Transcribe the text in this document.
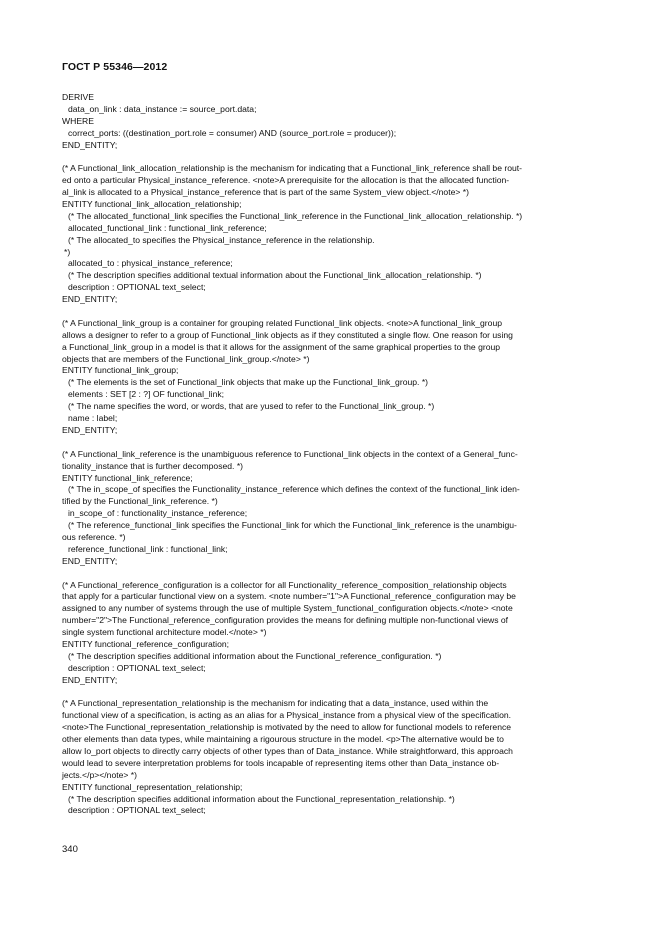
ГОСТ Р 55346—2012
DERIVE
data_on_link : data_instance := source_port.data;
WHERE
correct_ports: ((destination_port.role = consumer) AND (source_port.role = producer));
END_ENTITY;
(* A Functional_link_allocation_relationship is the mechanism for indicating that a Functional_link_reference shall be rout-
ed onto a particular Physical_instance_reference. <note>A prerequisite for the allocation is that the allocated function-
al_link is allocated to a Physical_instance_reference that is part of the same System_view object.</note> *)
ENTITY functional_link_allocation_relationship;
(* The allocated_functional_link specifies the Functional_link_reference in the Functional_link_allocation_relationship. *)
allocated_functional_link : functional_link_reference;
(* The allocated_to specifies the Physical_instance_reference in the relationship.
*)
allocated_to : physical_instance_reference;
(* The description specifies additional textual information about the Functional_link_allocation_relationship. *)
description : OPTIONAL text_select;
END_ENTITY;
(* A Functional_link_group is a container for grouping related Functional_link objects. <note>A functional_link_group
allows a designer to refer to a group of Functional_link objects as if they constituted a single flow. One reason for using
a Functional_link_group in a model is that it allows for the assignment of the same graphical properties to the group
objects that are members of the Functional_link_group.</note> *)
ENTITY functional_link_group;
(* The elements is the set of Functional_link objects that make up the Functional_link_group. *)
elements : SET [2 : ?] OF functional_link;
(* The name specifies the word, or words, that are yused to refer to the Functional_link_group. *)
name : label;
END_ENTITY;
(* A Functional_link_reference is the unambiguous reference to Functional_link objects in the context of a General_func-
tionality_instance that is further decomposed. *)
ENTITY functional_link_reference;
(* The in_scope_of specifies the Functionality_instance_reference which defines the context of the functional_link iden-
tified by the Functional_link_reference. *)
in_scope_of : functionality_instance_reference;
(* The reference_functional_link specifies the Functional_link for which the Functional_link_reference is the unambigu-
ous reference. *)
reference_functional_link : functional_link;
END_ENTITY;
(* A Functional_reference_configuration is a collector for all Functionality_reference_composition_relationship objects
that apply for a particular functional view on a system. <note number="1">A Functional_reference_configuration may be
assigned to any number of systems through the use of multiple System_functional_configuration objects.</note> <note
number="2">The Functional_reference_configuration provides the means for defining multiple non-functional views of
single system functional architecture model.</note> *)
ENTITY functional_reference_configuration;
(* The description specifies additional information about the Functional_reference_configuration. *)
description : OPTIONAL text_select;
END_ENTITY;
(* A Functional_representation_relationship is the mechanism for indicating that a data_instance, used within the
functional view of a specification, is acting as an alias for a Physical_instance from a physical view of the specification.
<note>The Functional_representation_relationship is motivated by the need to allow for functional models to reference
other elements than data types, while maintaining a rigourous structure in the model. <p>The alternative would be to
allow Io_port objects to directly carry objects of other types than of Data_instance. While straightforward, this approach
would lead to severe interpretation problems for tools incapable of representing items other than Data_instance ob-
jects.</p></note> *)
ENTITY functional_representation_relationship;
(* The description specifies additional information about the Functional_representation_relationship. *)
description : OPTIONAL text_select;
340
